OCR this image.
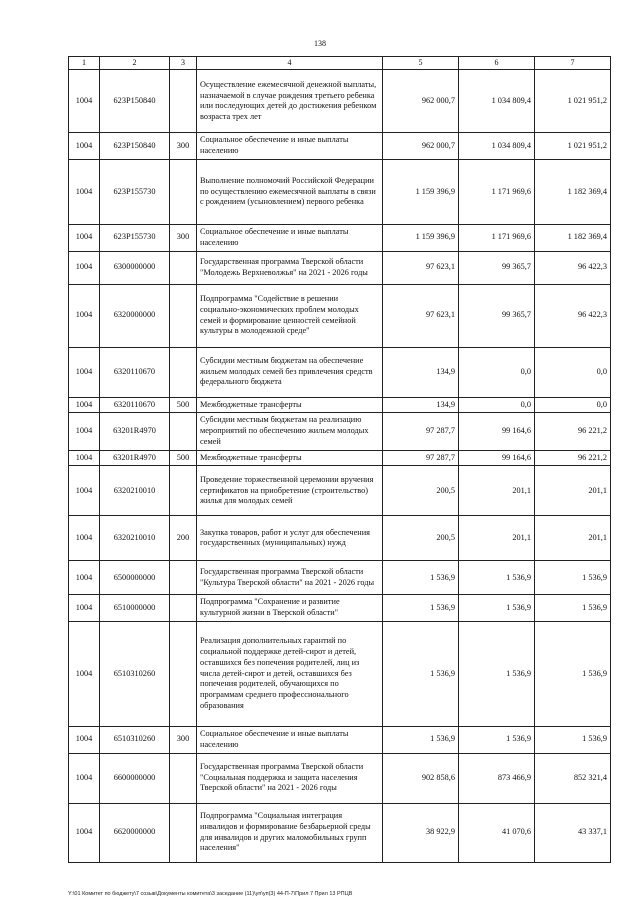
138
1	2	3	4	5	6	7
1004	623P150840		Осуществление ежемесячной денежной выплаты, назначаемой в случае рождения третьего ребенка или последующих детей до достижения ребенком возраста трех лет	962 000,7	1 034 809,4	1 021 951,2
1004	623P150840	300	Социальное обеспечение и иные выплаты населению	962 000,7	1 034 809,4	1 021 951,2
1004	623P155730		Выполнение полномочий Российской Федерации по осуществлению ежемесячной выплаты в связи с рождением (усыновлением) первого ребенка	1 159 396,9	1 171 969,6	1 182 369,4
1004	623P155730	300	Социальное обеспечение и иные выплаты населению	1 159 396,9	1 171 969,6	1 182 369,4
1004	6300000000		Государственная программа Тверской области "Молодежь Верхневолжья" на 2021 - 2026 годы	97 623,1	99 365,7	96 422,3
1004	6320000000		Подпрограмма "Содействие в решении социально-экономических проблем молодых семей и формирование ценностей семейной культуры в молодежной среде"	97 623,1	99 365,7	96 422,3
1004	6320110670		Субсидии местным бюджетам на обеспечение жильем молодых семей без привлечения средств федерального бюджета	134,9	0,0	0,0
1004	6320110670	500	Межбюджетные трансферты	134,9	0,0	0,0
1004	63201R4970		Субсидии местным бюджетам на реализацию мероприятий по обеспечению жильем молодых семей	97 287,7	99 164,6	96 221,2
1004	63201R4970	500	Межбюджетные трансферты	97 287,7	99 164,6	96 221,2
1004	6320210010		Проведение торжественной церемонии вручения сертификатов на приобретение (строительство) жилья для молодых семей	200,5	201,1	201,1
1004	6320210010	200	Закупка товаров, работ и услуг для обеспечения государственных (муниципальных) нужд	200,5	201,1	201,1
1004	6500000000		Государственная программа Тверской области "Культура Тверской области" на 2021 - 2026 годы	1 536,9	1 536,9	1 536,9
1004	6510000000		Подпрограмма "Сохранение и развитие культурной жизни в Тверской области"	1 536,9	1 536,9	1 536,9
1004	6510310260		Реализация дополнительных гарантий по социальной поддержке детей-сирот и детей, оставшихся без попечения родителей, лиц из числа детей-сирот и детей, оставшихся без попечения родителей, обучающихся по программам среднего профессионального образования	1 536,9	1 536,9	1 536,9
1004	6510310260	300	Социальное обеспечение и иные выплаты населению	1 536,9	1 536,9	1 536,9
1004	6600000000		Государственная программа Тверской области "Социальная поддержка и защита населения Тверской области" на 2021 - 2026 годы	902 858,6	873 466,9	852 321,4
1004	6620000000		Подпрограмма "Социальная интеграция инвалидов и формирование безбарьерной среды для инвалидов и других маломобильных групп населения"	38 922,9	41 070,6	43 337,1
Y:\01 Комитет по бюджету\7 созыв\Документы комитета\3 заседание (11)\уп\уп(3) 44-П-7\Прил 7 Прил 13 РПЦВ
